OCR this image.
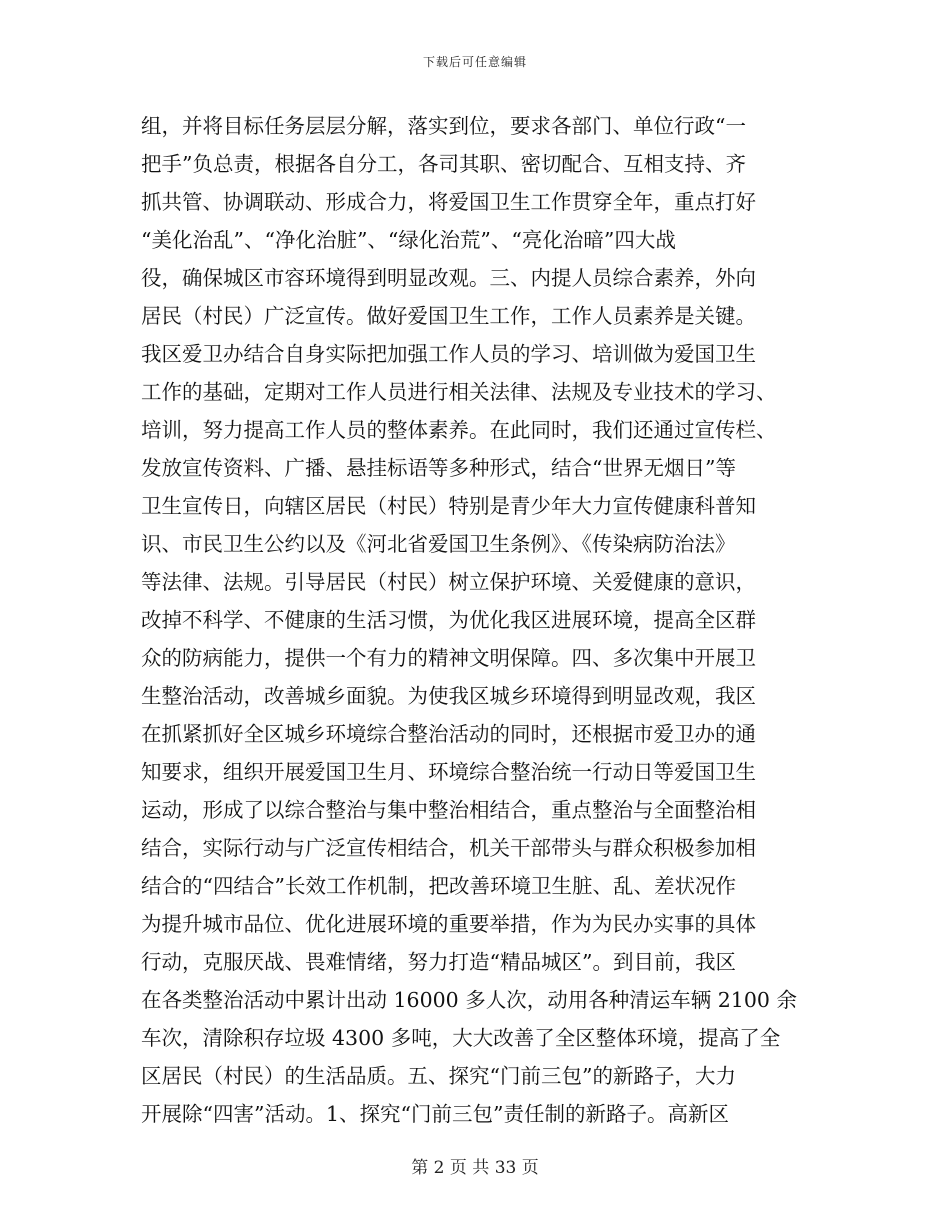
下载后可任意编辑
组，并将目标任务层层分解，落实到位，要求各部门、单位行政“一
把手”负总责，根据各自分工，各司其职、密切配合、互相支持、齐
抓共管、协调联动、形成合力，将爱国卫生工作贯穿全年，重点打好
“美化治乱”、“净化治脏”、“绿化治荒”、“亮化治暗”四大战
役，确保城区市容环境得到明显改观。三、内提人员综合素养，外向
居民（村民）广泛宣传。做好爱国卫生工作，工作人员素养是关键。
我区爱卫办结合自身实际把加强工作人员的学习、培训做为爱国卫生
工作的基础，定期对工作人员进行相关法律、法规及专业技术的学习、
培训，努力提高工作人员的整体素养。在此同时，我们还通过宣传栏、
发放宣传资料、广播、悬挂标语等多种形式，结合“世界无烟日”等
卫生宣传日，向辖区居民（村民）特别是青少年大力宣传健康科普知
识、市民卫生公约以及《河北省爱国卫生条例》、《传染病防治法》
等法律、法规。引导居民（村民）树立保护环境、关爱健康的意识，
改掉不科学、不健康的生活习惯，为优化我区进展环境，提高全区群
众的防病能力，提供一个有力的精神文明保障。四、多次集中开展卫
生整治活动，改善城乡面貌。为使我区城乡环境得到明显改观，我区
在抓紧抓好全区城乡环境综合整治活动的同时，还根据市爱卫办的通
知要求，组织开展爱国卫生月、环境综合整治统一行动日等爱国卫生
运动，形成了以综合整治与集中整治相结合，重点整治与全面整治相
结合，实际行动与广泛宣传相结合，机关干部带头与群众积极参加相
结合的“四结合”长效工作机制，把改善环境卫生脏、乱、差状况作
为提升城市品位、优化进展环境的重要举措，作为为民办实事的具体
行动，克服厌战、畏难情绪，努力打造“精品城区”。到目前，我区
在各类整治活动中累计出动 16000 多人次，动用各种清运车辆 2100 余
车次，清除积存垃圾 4300 多吨，大大改善了全区整体环境，提高了全
区居民（村民）的生活品质。五、探究“门前三包”的新路子，大力
开展除“四害”活动。1、探究“门前三包”责任制的新路子。高新区
第 2 页 共 33 页
